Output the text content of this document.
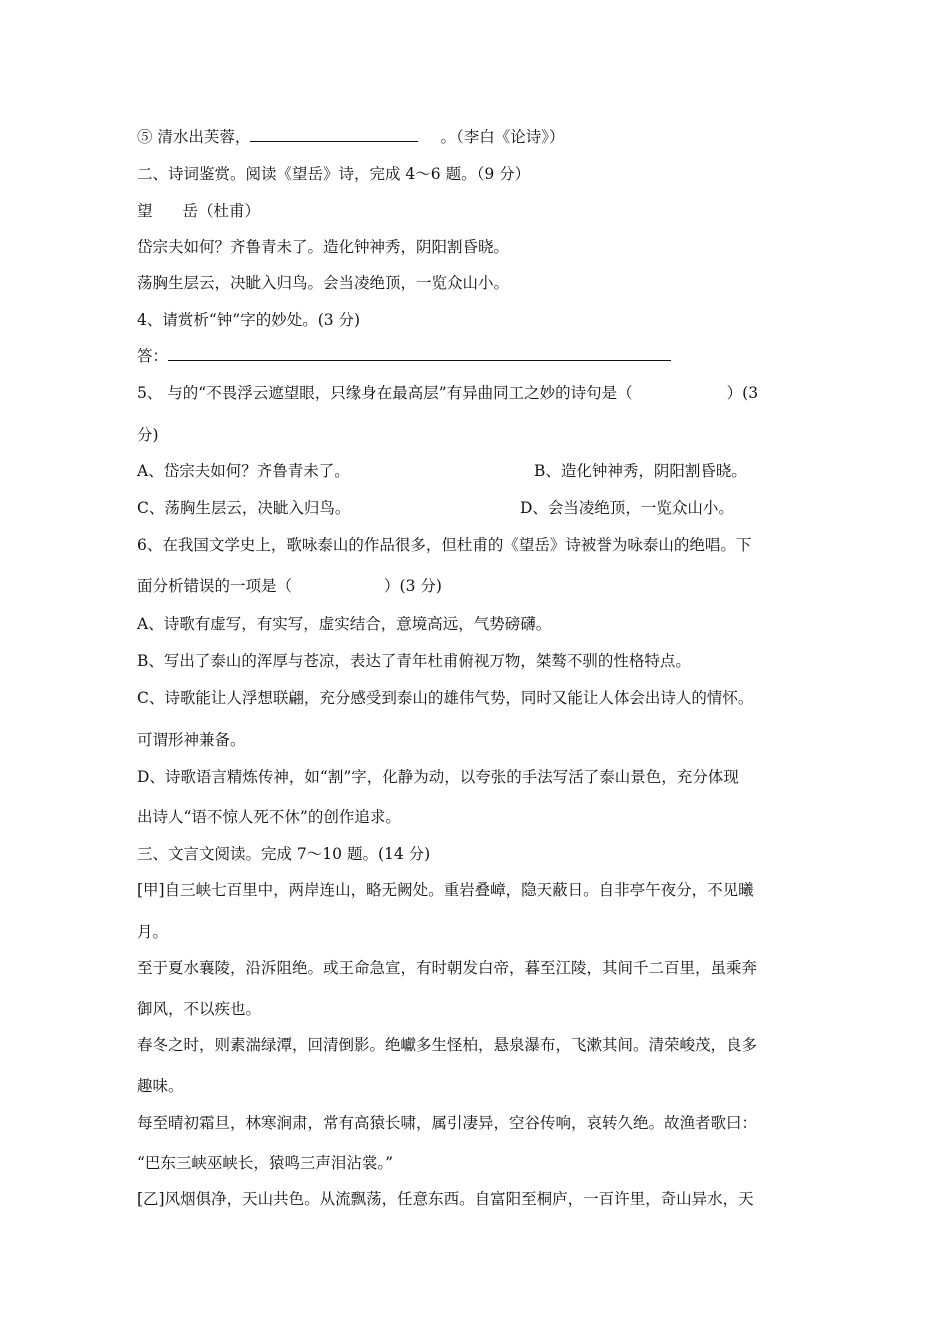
⑤ 清水出芙蓉，	。（李白《论诗》）
二、诗词鉴赏。阅读《望岳》诗，完成 4～6 题。（9 分）
望 岳（杜甫）
岱宗夫如何？齐鲁青未了。造化钟神秀，阴阳割昏晓。
荡胸生层云，决眦入归鸟。会当凌绝顶，一览众山小。
4、请赏析“钟”字的妙处。(3 分)
答：
5、 与的“不畏浮云遮望眼，只缘身在最高层”有异曲同工之妙的诗句是（	）(3
分)
A、岱宗夫如何？齐鲁青未了。	B、造化钟神秀，阴阳割昏晓。
C、荡胸生层云，决眦入归鸟。	D、会当凌绝顶，一览众山小。
6、在我国文学史上，歌咏泰山的作品很多，但杜甫的《望岳》诗被誉为咏泰山的绝唱。下
面分析错误的一项是（	）(3 分)
A、诗歌有虚写，有实写，虚实结合，意境高远，气势磅礴。
B、写出了泰山的浑厚与苍凉，表达了青年杜甫俯视万物，桀骜不驯的性格特点。
C、诗歌能让人浮想联翩，充分感受到泰山的雄伟气势，同时又能让人体会出诗人的情怀。
可谓形神兼备。
D、诗歌语言精炼传神，如“割”字，化静为动，以夸张的手法写活了泰山景色，充分体现
出诗人“语不惊人死不休”的创作追求。
三、文言文阅读。完成 7～10 题。(14 分)
[甲]自三峡七百里中，两岸连山，略无阙处。重岩叠嶂，隐天蔽日。自非亭午夜分，不见曦
月。
至于夏水襄陵，沿泝阻绝。或王命急宣，有时朝发白帝，暮至江陵，其间千二百里，虽乘奔
御风，不以疾也。
春冬之时，则素湍绿潭，回清倒影。绝巘多生怪柏，悬泉瀑布，飞漱其间。清荣峻茂，良多
趣味。
每至晴初霜旦，林寒涧肃，常有高猿长啸，属引凄异，空谷传响，哀转久绝。故渔者歌曰：
“巴东三峡巫峡长，猿鸣三声泪沾裳。”
[乙]风烟俱净，天山共色。从流飘荡，任意东西。自富阳至桐庐，一百许里，奇山异水，天
